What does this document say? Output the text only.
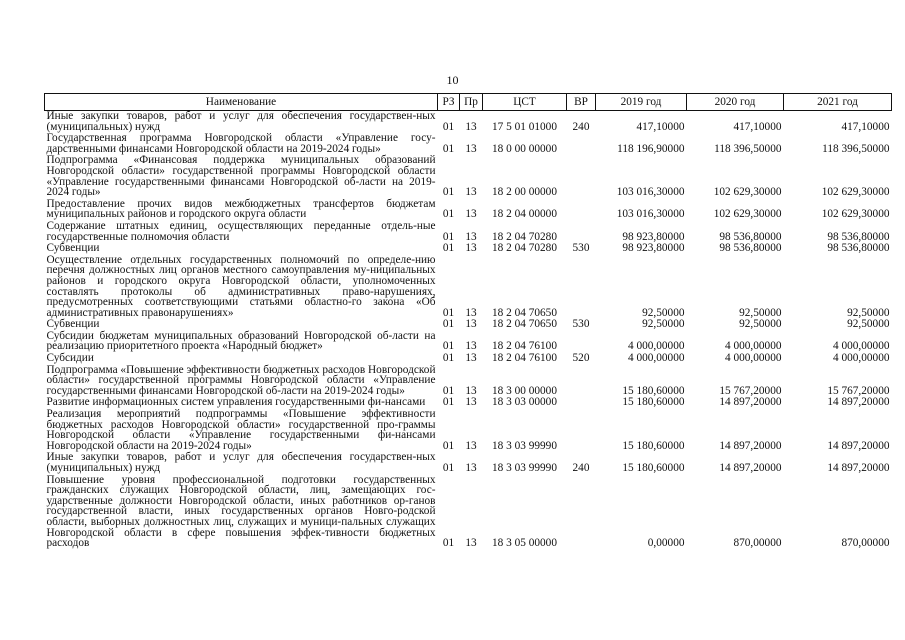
10
Наименование	РЗ	Пр	ЦСТ	ВР	2019 год	2020 год	2021 год
Иные закупки товаров, работ и услуг для обеспечения государствен-ных (муниципальных) нужд	01	13	17 5 01 01000	240	417,10000	417,10000	417,10000
Государственная программа Новгородской области «Управление госу-дарственными финансами Новгородской области на 2019-2024 годы»	01	13	18 0 00 00000		118 196,90000	118 396,50000	118 396,50000
Подпрограмма «Финансовая поддержка муниципальных образований Новгородской области» государственной программы Новгородской области «Управление государственными финансами Новгородской об-ласти на 2019-2024 годы»	01	13	18 2 00 00000		103 016,30000	102 629,30000	102 629,30000
Предоставление прочих видов межбюджетных трансфертов бюджетам муниципальных районов и городского округа области	01	13	18 2 04 00000		103 016,30000	102 629,30000	102 629,30000
Содержание штатных единиц, осуществляющих переданные отдель-ные государственные полномочия области	01	13	18 2 04 70280		98 923,80000	98 536,80000	98 536,80000
Субвенции	01	13	18 2 04 70280	530	98 923,80000	98 536,80000	98 536,80000
Осуществление отдельных государственных полномочий по определе-нию перечня должностных лиц органов местного самоуправления му-ниципальных районов и городского округа Новгородской области, уполномоченных составлять протоколы об административных право-нарушениях, предусмотренных соответствующими статьями областно-го закона «Об административных правонарушениях»	01	13	18 2 04 70650		92,50000	92,50000	92,50000
Субвенции	01	13	18 2 04 70650	530	92,50000	92,50000	92,50000
Субсидии бюджетам муниципальных образований Новгородской об-ласти на реализацию приоритетного проекта «Народный бюджет»	01	13	18 2 04 76100		4 000,00000	4 000,00000	4 000,00000
Субсидии	01	13	18 2 04 76100	520	4 000,00000	4 000,00000	4 000,00000
Подпрограмма «Повышение эффективности бюджетных расходов Новгородской области» государственной программы Новгородской области «Управление государственными финансами Новгородской об-ласти на 2019-2024 годы»	01	13	18 3 00 00000		15 180,60000	15 767,20000	15 767,20000
Развитие информационных систем управления государственными фи-нансами	01	13	18 3 03 00000		15 180,60000	14 897,20000	14 897,20000
Реализация мероприятий подпрограммы «Повышение эффективности бюджетных расходов Новгородской области» государственной про-граммы Новгородской области «Управление государственными фи-нансами Новгородской области на 2019-2024 годы»	01	13	18 3 03 99990		15 180,60000	14 897,20000	14 897,20000
Иные закупки товаров, работ и услуг для обеспечения государствен-ных (муниципальных) нужд	01	13	18 3 03 99990	240	15 180,60000	14 897,20000	14 897,20000
Повышение уровня профессиональной подготовки государственных гражданских служащих Новгородской области, лиц, замещающих гос-ударственные должности Новгородской области, иных работников ор-ганов государственной власти, иных государственных органов Новго-родской области, выборных должностных лиц, служащих и муници-пальных служащих Новгородской области в сфере повышения эффек-тивности бюджетных расходов	01	13	18 3 05 00000		0,00000	870,00000	870,00000
